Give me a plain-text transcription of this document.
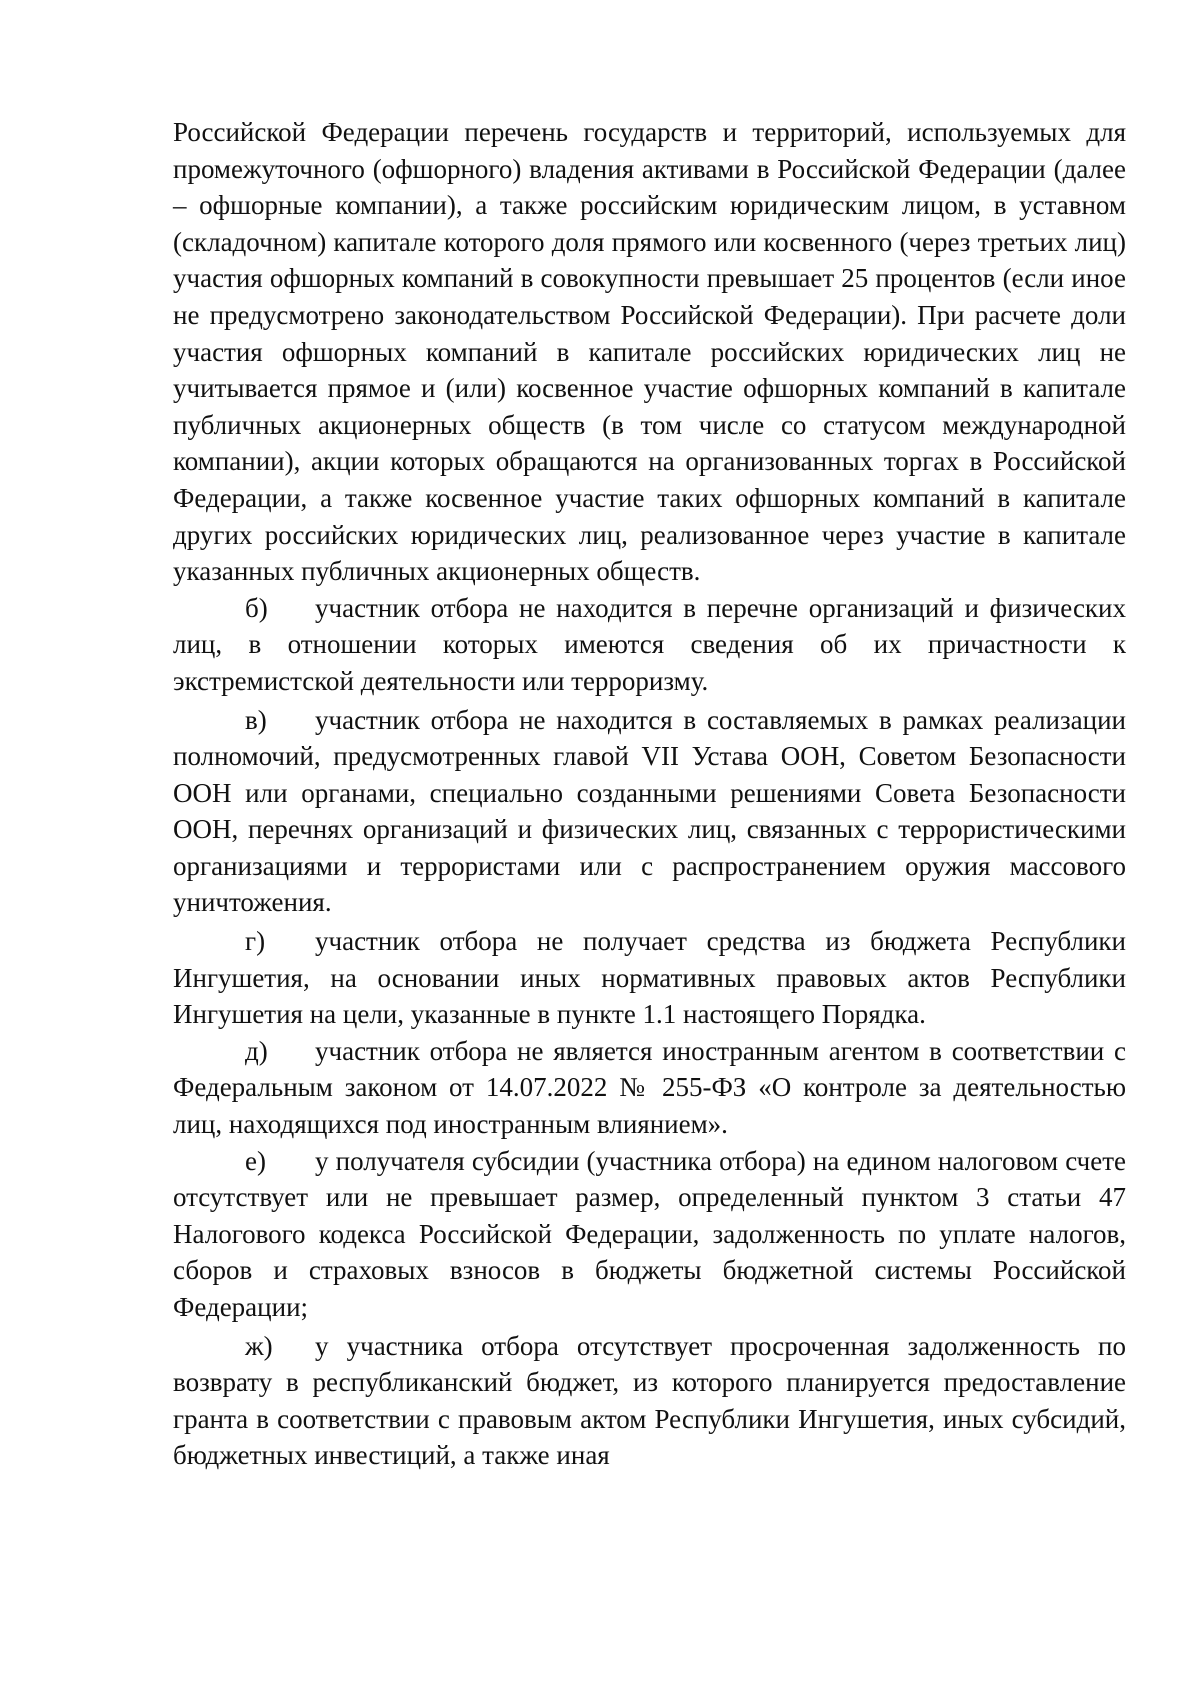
Российской Федерации перечень государств и территорий, используемых для промежуточного (офшорного) владения активами в Российской Федерации (далее – офшорные компании), а также российским юридическим лицом, в уставном (складочном) капитале которого доля прямого или косвенного (через третьих лиц) участия офшорных компаний в совокупности превышает 25 процентов (если иное не предусмотрено законодательством Российской Федерации). При расчете доли участия офшорных компаний в капитале российских юридических лиц не учитывается прямое и (или) косвенное участие офшорных компаний в капитале публичных акционерных обществ (в том числе со статусом международной компании), акции которых обращаются на организованных торгах в Российской Федерации, а также косвенное участие таких офшорных компаний в капитале других российских юридических лиц, реализованное через участие в капитале указанных публичных акционерных обществ.

б) участник отбора не находится в перечне организаций и физических лиц, в отношении которых имеются сведения об их причастности к экстремистской деятельности или терроризму.

в) участник отбора не находится в составляемых в рамках реализации полномочий, предусмотренных главой VII Устава ООН, Советом Безопасности ООН или органами, специально созданными решениями Совета Безопасности ООН, перечнях организаций и физических лиц, связанных с террористическими организациями и террористами или с распространением оружия массового уничтожения.

г) участник отбора не получает средства из бюджета Республики Ингушетия, на основании иных нормативных правовых актов Республики Ингушетия на цели, указанные в пункте 1.1 настоящего Порядка.

д) участник отбора не является иностранным агентом в соответствии с Федеральным законом от 14.07.2022 № 255-ФЗ «О контроле за деятельностью лиц, находящихся под иностранным влиянием».

е) у получателя субсидии (участника отбора) на едином налоговом счете отсутствует или не превышает размер, определенный пунктом 3 статьи 47 Налогового кодекса Российской Федерации, задолженность по уплате налогов, сборов и страховых взносов в бюджеты бюджетной системы Российской Федерации;

ж) у участника отбора отсутствует просроченная задолженность по возврату в республиканский бюджет, из которого планируется предоставление гранта в соответствии с правовым актом Республики Ингушетия, иных субсидий, бюджетных инвестиций, а также иная
